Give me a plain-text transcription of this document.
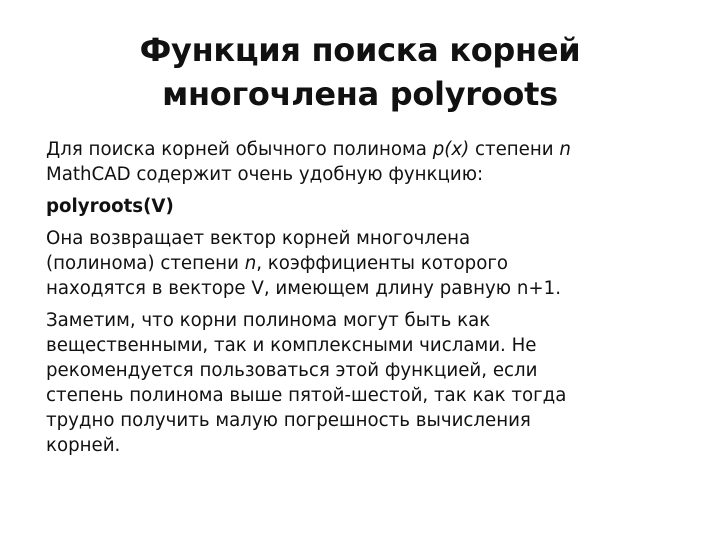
Функция поиска корней
многочлена polyroots

Для поиска корней обычного полинома p(x) степени n
MathCAD содержит очень удобную функцию:

polyroots(V)

Она возвращает вектор корней многочлена
(полинома) степени n, коэффициенты которого
находятся в векторе V, имеющем длину равную n+1.

Заметим, что корни полинома могут быть как
вещественными, так и комплексными числами. Не
рекомендуется пользоваться этой функцией, если
степень полинома выше пятой-шестой, так как тогда
трудно получить малую погрешность вычисления
корней.
